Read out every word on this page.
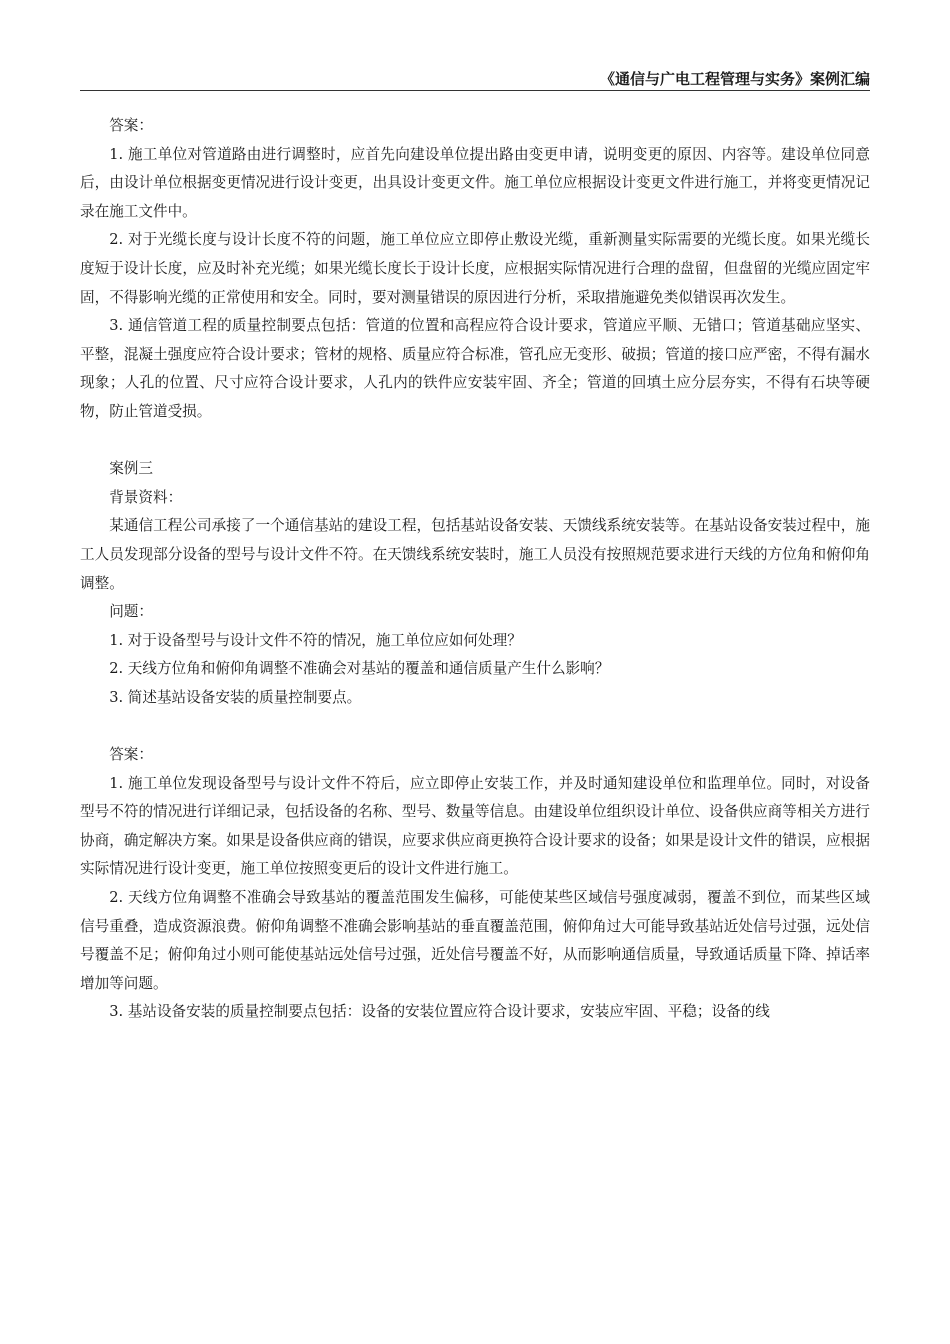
《通信与广电工程管理与实务》案例汇编

答案：

1. 施工单位对管道路由进行调整时，应首先向建设单位提出路由变更申请，说明变更的原因、内容等。建设单位同意后，由设计单位根据变更情况进行设计变更，出具设计变更文件。施工单位应根据设计变更文件进行施工，并将变更情况记录在施工文件中。

2. 对于光缆长度与设计长度不符的问题，施工单位应立即停止敷设光缆，重新测量实际需要的光缆长度。如果光缆长度短于设计长度，应及时补充光缆；如果光缆长度长于设计长度，应根据实际情况进行合理的盘留，但盘留的光缆应固定牢固，不得影响光缆的正常使用和安全。同时，要对测量错误的原因进行分析，采取措施避免类似错误再次发生。

3. 通信管道工程的质量控制要点包括：管道的位置和高程应符合设计要求，管道应平顺、无错口；管道基础应坚实、平整，混凝土强度应符合设计要求；管材的规格、质量应符合标准，管孔应无变形、破损；管道的接口应严密，不得有漏水现象；人孔的位置、尺寸应符合设计要求，人孔内的铁件应安装牢固、齐全；管道的回填土应分层夯实，不得有石块等硬物，防止管道受损。

案例三

背景资料：

某通信工程公司承接了一个通信基站的建设工程，包括基站设备安装、天馈线系统安装等。在基站设备安装过程中，施工人员发现部分设备的型号与设计文件不符。在天馈线系统安装时，施工人员没有按照规范要求进行天线的方位角和俯仰角调整。

问题：

1. 对于设备型号与设计文件不符的情况，施工单位应如何处理？

2. 天线方位角和俯仰角调整不准确会对基站的覆盖和通信质量产生什么影响？

3. 简述基站设备安装的质量控制要点。

答案：

1. 施工单位发现设备型号与设计文件不符后，应立即停止安装工作，并及时通知建设单位和监理单位。同时，对设备型号不符的情况进行详细记录，包括设备的名称、型号、数量等信息。由建设单位组织设计单位、设备供应商等相关方进行协商，确定解决方案。如果是设备供应商的错误，应要求供应商更换符合设计要求的设备；如果是设计文件的错误，应根据实际情况进行设计变更，施工单位按照变更后的设计文件进行施工。

2. 天线方位角调整不准确会导致基站的覆盖范围发生偏移，可能使某些区域信号强度减弱，覆盖不到位，而某些区域信号重叠，造成资源浪费。俯仰角调整不准确会影响基站的垂直覆盖范围，俯仰角过大可能导致基站近处信号过强，远处信号覆盖不足；俯仰角过小则可能使基站远处信号过强，近处信号覆盖不好，从而影响通信质量，导致通话质量下降、掉话率增加等问题。

3. 基站设备安装的质量控制要点包括：设备的安装位置应符合设计要求，安装应牢固、平稳；设备的线
